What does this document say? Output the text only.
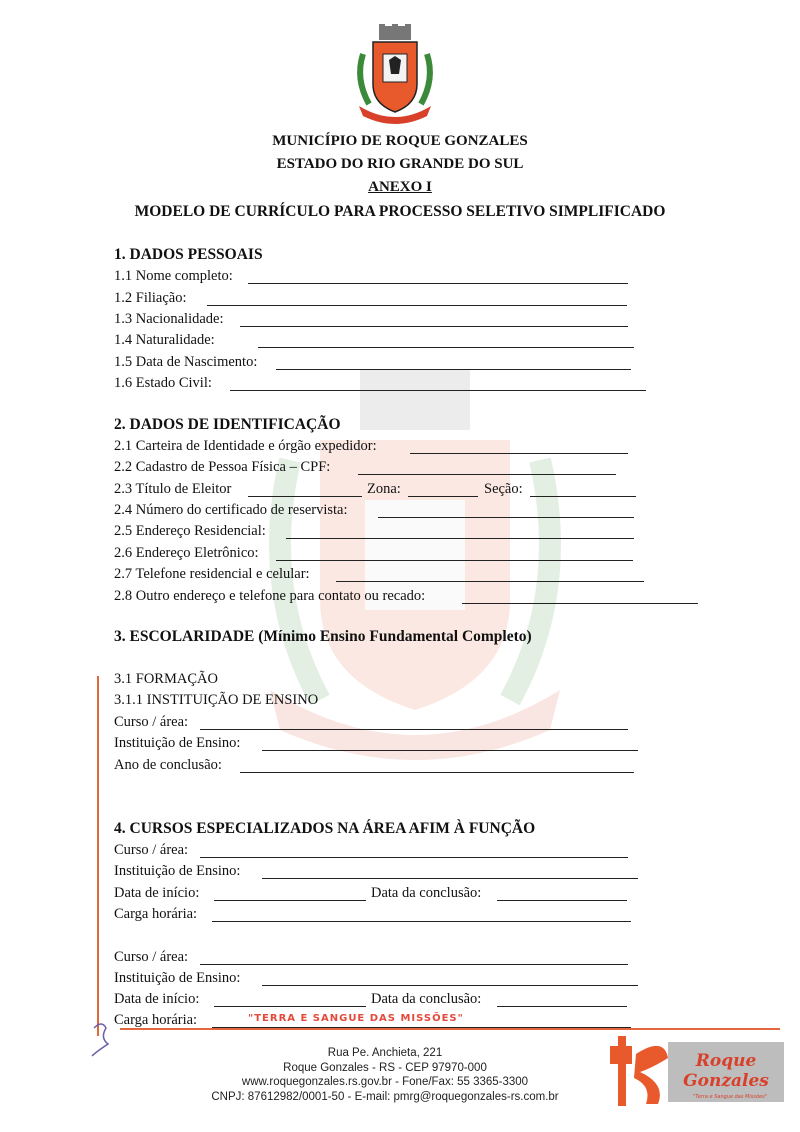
MUNICÍPIO DE ROQUE GONZALES
ESTADO DO RIO GRANDE DO SUL
ANEXO I
MODELO DE CURRÍCULO PARA PROCESSO SELETIVO SIMPLIFICADO
1. DADOS PESSOAIS
1.1 Nome completo:
1.2 Filiação:
1.3 Nacionalidade:
1.4 Naturalidade:
1.5 Data de Nascimento:
1.6 Estado Civil:
2. DADOS DE IDENTIFICAÇÃO
2.1 Carteira de Identidade e órgão expedidor:
2.2 Cadastro de Pessoa Física – CPF:
2.3 Título de Eleitor	Zona:	Seção:
2.4 Número do certificado de reservista:
2.5 Endereço Residencial:
2.6 Endereço Eletrônico:
2.7 Telefone residencial e celular:
2.8 Outro endereço e telefone para contato ou recado:
3. ESCOLARIDADE (Mínimo Ensino Fundamental Completo)
3.1 FORMAÇÃO
3.1.1 INSTITUIÇÃO DE ENSINO
Curso / área:
Instituição de Ensino:
Ano de conclusão:
4. CURSOS ESPECIALIZADOS NA ÁREA AFIM À FUNÇÃO
Curso / área:
Instituição de Ensino:
Data de início:	Data da conclusão:
Carga horária:
Curso / área:
Instituição de Ensino:
Data de início:	Data da conclusão:
Carga horária:	"TERRA E SANGUE DAS MISSÕES"
Rua Pe. Anchieta, 221
Roque Gonzales - RS - CEP 97970-000
www.roquegonzales.rs.gov.br - Fone/Fax: 55 3365-3300
CNPJ: 87612982/0001-50 - E-mail: pmrg@roquegonzales-rs.com.br
Roque
Gonzales
"Terra e Sangue das Missões"
